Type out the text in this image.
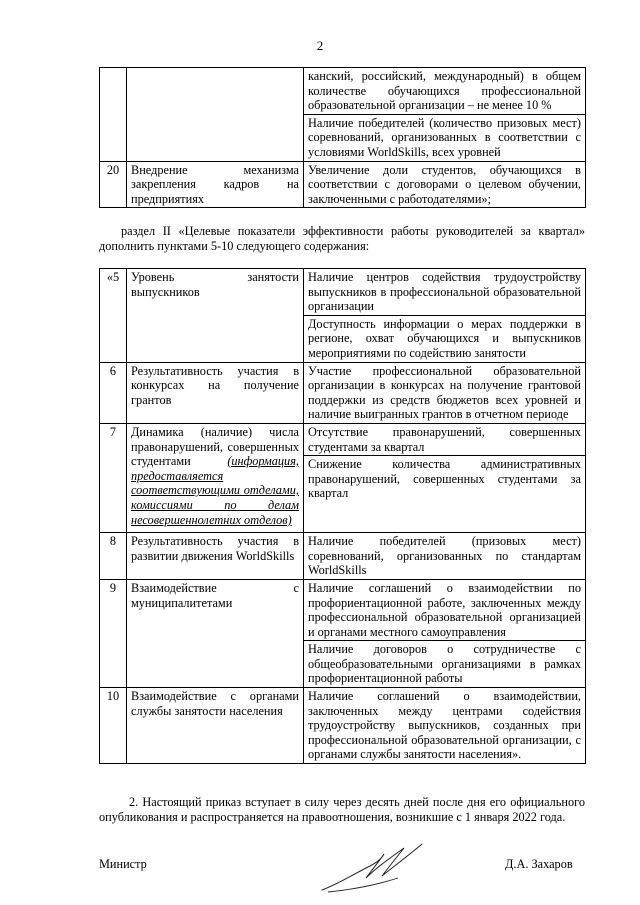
2
		канский, российский, международный) в общем количестве обучающихся профессиональной образовательной организации – не менее 10 %
		Наличие победителей (количество призовых мест) соревнований, организованных в соответствии с условиями WorldSkills, всех уровней
20	Внедрение механизма закрепления кадров на предприятиях	Увеличение доли студентов, обучающихся в соответствии с договорами о целевом обучении, заключенными с работодателями»;
раздел II «Целевые показатели эффективности работы руководителей за квартал» дополнить пунктами 5-10 следующего содержания:
«5	Уровень занятости выпускников	Наличие центров содействия трудоустройству выпускников в профессиональной образовательной организации
		Доступность информации о мерах поддержки в регионе, охват обучающихся и выпускников мероприятиями по содействию занятости
6	Результативность участия в конкурсах на получение грантов	Участие профессиональной образовательной организации в конкурсах на получение грантовой поддержки из средств бюджетов всех уровней и наличие выигранных грантов в отчетном периоде
7	Динамика (наличие) числа правонарушений, совершенных студентами (информация, предоставляется соответствующими отделами, комиссиями по делам несовершеннолетних отделов)	Отсутствие правонарушений, совершенных студентами за квартал
		Снижение количества административных правонарушений, совершенных студентами за квартал
8	Результативность участия в развитии движения WorldSkills	Наличие победителей (призовых мест) соревнований, организованных по стандартам WorldSkills
9	Взаимодействие с муниципалитетами	Наличие соглашений о взаимодействии по профориентационной работе, заключенных между профессиональной образовательной организацией и органами местного самоуправления
		Наличие договоров о сотрудничестве с общеобразовательными организациями в рамках профориентационной работы
10	Взаимодействие с органами службы занятости населения	Наличие соглашений о взаимодействии, заключенных между центрами содействия трудоустройству выпускников, созданных при профессиональной образовательной организации, с органами службы занятости населения».
2. Настоящий приказ вступает в силу через десять дней после дня его официального опубликования и распространяется на правоотношения, возникшие с 1 января 2022 года.
Министр	Д.А. Захаров
